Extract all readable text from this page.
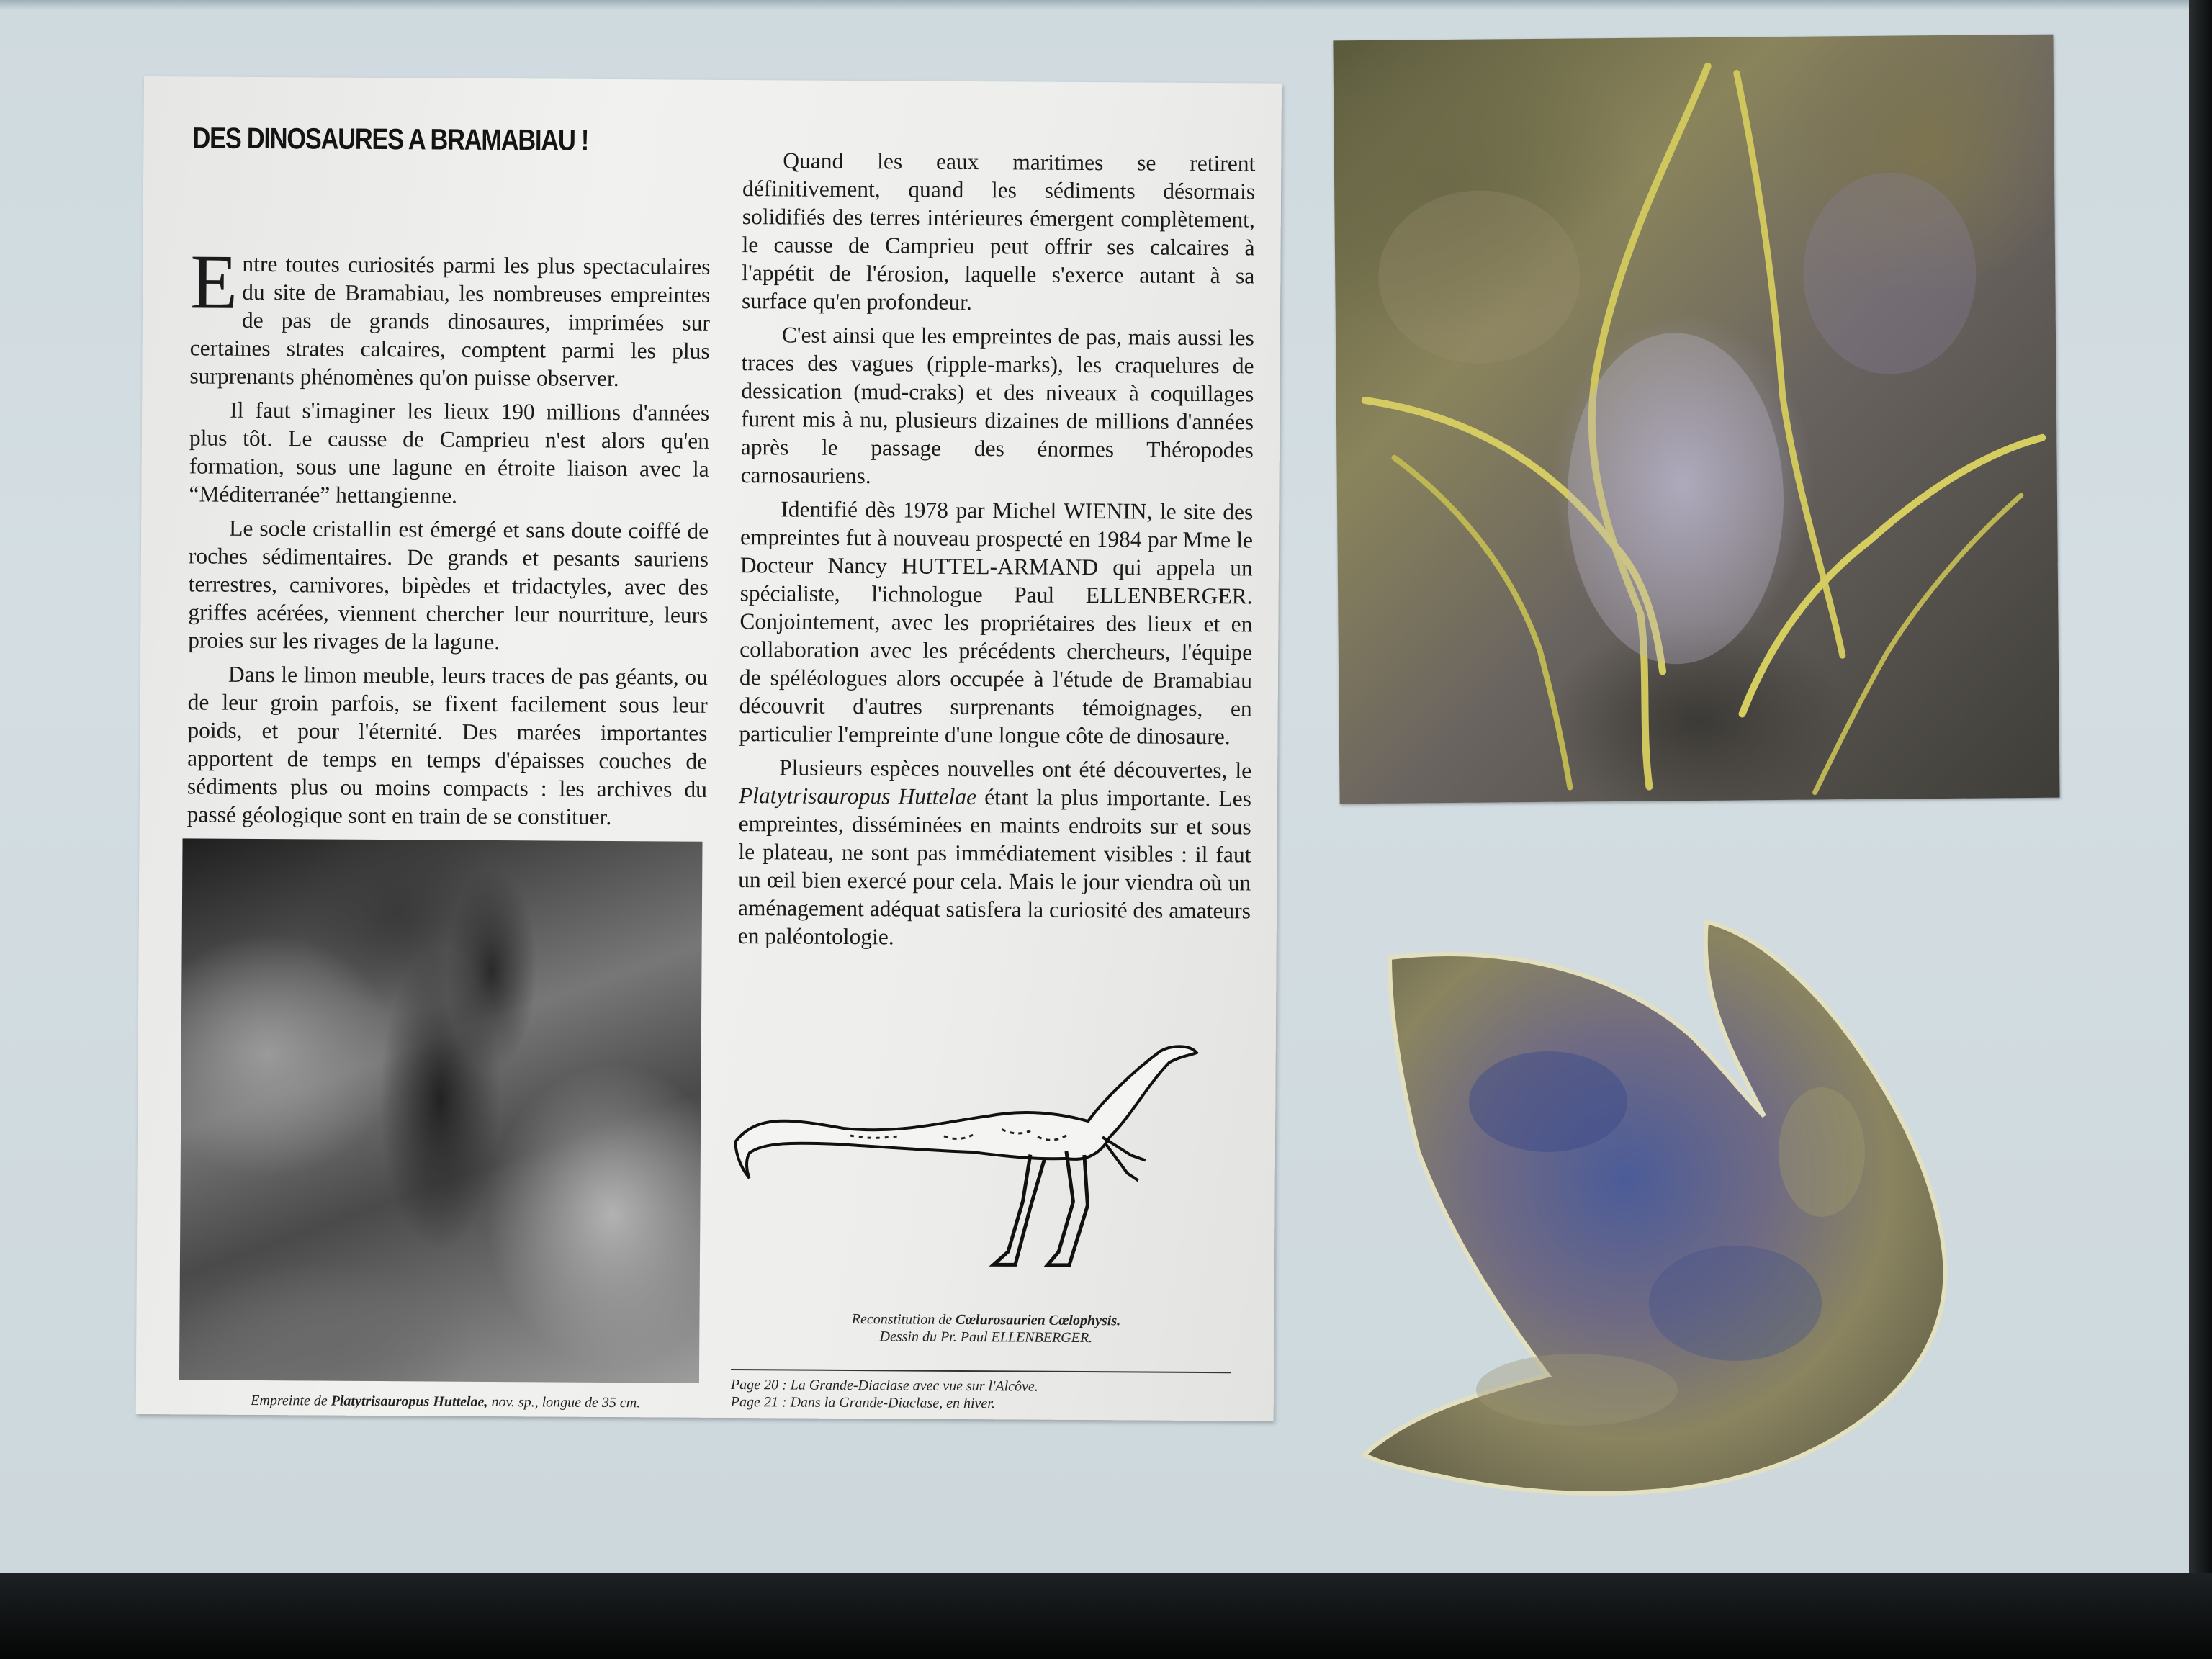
DES DINOSAURES A BRAMABIAU !

Entre toutes curiosités parmi les plus spectaculaires du site de Bramabiau, les nombreuses empreintes de pas de grands dinosaures, imprimées sur certaines strates calcaires, comptent parmi les plus surprenants phénomènes qu'on puisse observer.

Il faut s'imaginer les lieux 190 millions d'années plus tôt. Le causse de Camprieu n'est alors qu'en formation, sous une lagune en étroite liaison avec la “Méditerranée” hettangienne.

Le socle cristallin est émergé et sans doute coiffé de roches sédimentaires. De grands et pesants sauriens terrestres, carnivores, bipèdes et tridactyles, avec des griffes acérées, viennent chercher leur nourriture, leurs proies sur les rivages de la lagune.

Dans le limon meuble, leurs traces de pas géants, ou de leur groin parfois, se fixent facilement sous leur poids, et pour l'éternité. Des marées importantes apportent de temps en temps d'épaisses couches de sédiments plus ou moins compacts : les archives du passé géologique sont en train de se constituer.

Empreinte de Platytrisauropus Huttelae, nov. sp., longue de 35 cm.

Quand les eaux maritimes se retirent définitivement, quand les sédiments désormais solidifiés des terres intérieures émergent complètement, le causse de Camprieu peut offrir ses calcaires à l'appétit de l'érosion, laquelle s'exerce autant à sa surface qu'en profondeur.

C'est ainsi que les empreintes de pas, mais aussi les traces des vagues (ripple-marks), les craquelures de dessication (mud-craks) et des niveaux à coquillages furent mis à nu, plusieurs dizaines de millions d'années après le passage des énormes Théropodes carnosauriens.

Identifié dès 1978 par Michel WIENIN, le site des empreintes fut à nouveau prospecté en 1984 par Mme le Docteur Nancy HUTTEL-ARMAND qui appela un spécialiste, l'ichnologue Paul ELLENBERGER. Conjointement, avec les propriétaires des lieux et en collaboration avec les précédents chercheurs, l'équipe de spéléologues alors occupée à l'étude de Bramabiau découvrit d'autres surprenants témoignages, en particulier l'empreinte d'une longue côte de dinosaure.

Plusieurs espèces nouvelles ont été découvertes, le Platytrisauropus Huttelae étant la plus importante. Les empreintes, disséminées en maints endroits sur et sous le plateau, ne sont pas immédiatement visibles : il faut un œil bien exercé pour cela. Mais le jour viendra où un aménagement adéquat satisfera la curiosité des amateurs en paléontologie.

Reconstitution de Cœlurosaurien Cœlophysis.
Dessin du Pr. Paul ELLENBERGER.
Page 20 : La Grande-Diaclase avec vue sur l'Alcôve.
Page 21 : Dans la Grande-Diaclase, en hiver.
